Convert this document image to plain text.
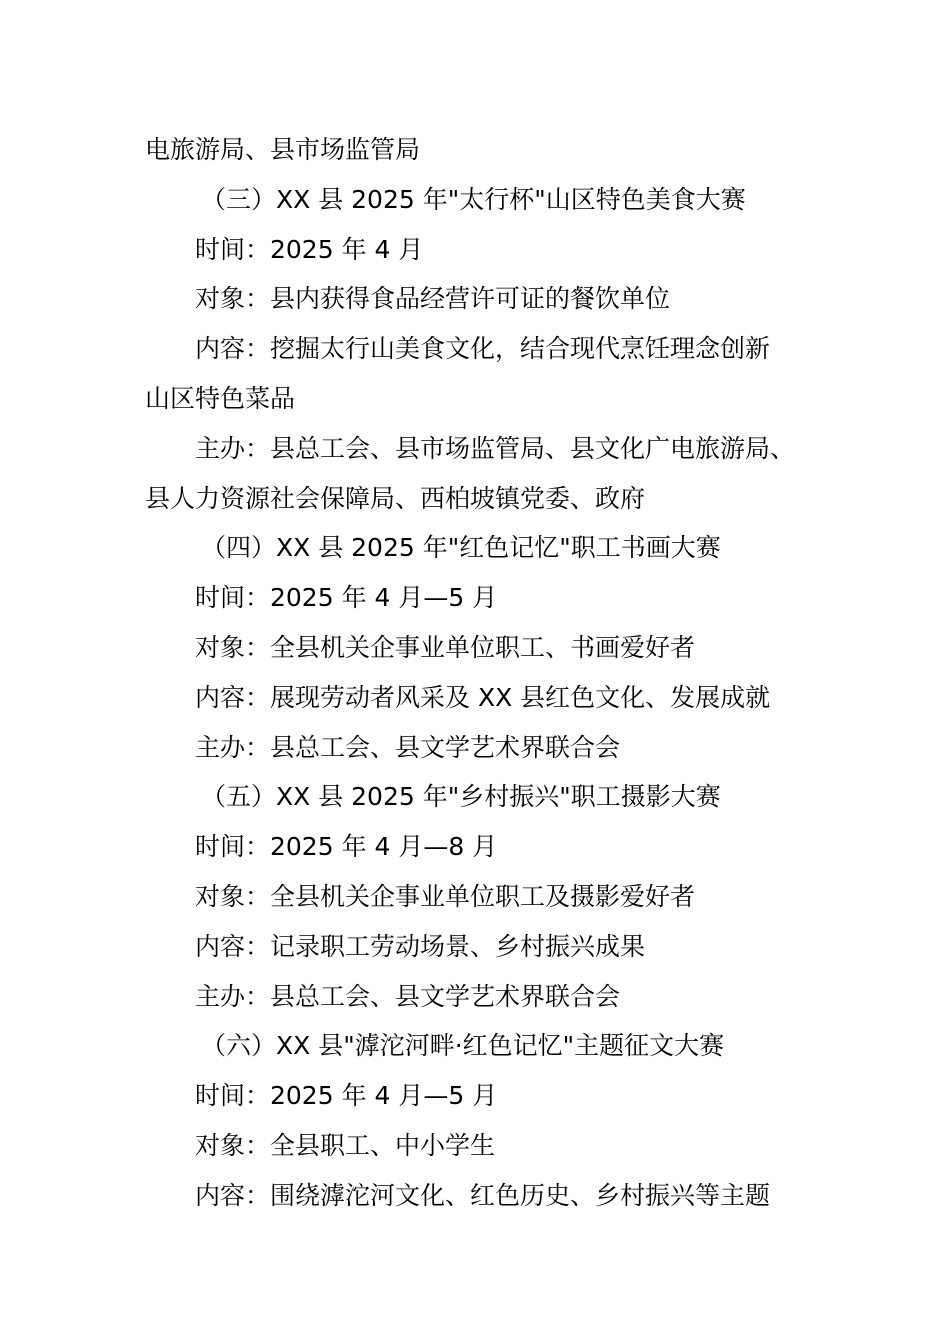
电旅游局、县市场监管局
（三）XX 县 2025 年"太行杯"山区特色美食大赛
时间：2025 年 4 月
对象：县内获得食品经营许可证的餐饮单位
内容：挖掘太行山美食文化，结合现代烹饪理念创新
山区特色菜品
主办：县总工会、县市场监管局、县文化广电旅游局、
县人力资源社会保障局、西柏坡镇党委、政府
（四）XX 县 2025 年"红色记忆"职工书画大赛
时间：2025 年 4 月—5 月
对象：全县机关企事业单位职工、书画爱好者
内容：展现劳动者风采及 XX 县红色文化、发展成就
主办：县总工会、县文学艺术界联合会
（五）XX 县 2025 年"乡村振兴"职工摄影大赛
时间：2025 年 4 月—8 月
对象：全县机关企事业单位职工及摄影爱好者
内容：记录职工劳动场景、乡村振兴成果
主办：县总工会、县文学艺术界联合会
（六）XX 县"滹沱河畔·红色记忆"主题征文大赛
时间：2025 年 4 月—5 月
对象：全县职工、中小学生
内容：围绕滹沱河文化、红色历史、乡村振兴等主题
